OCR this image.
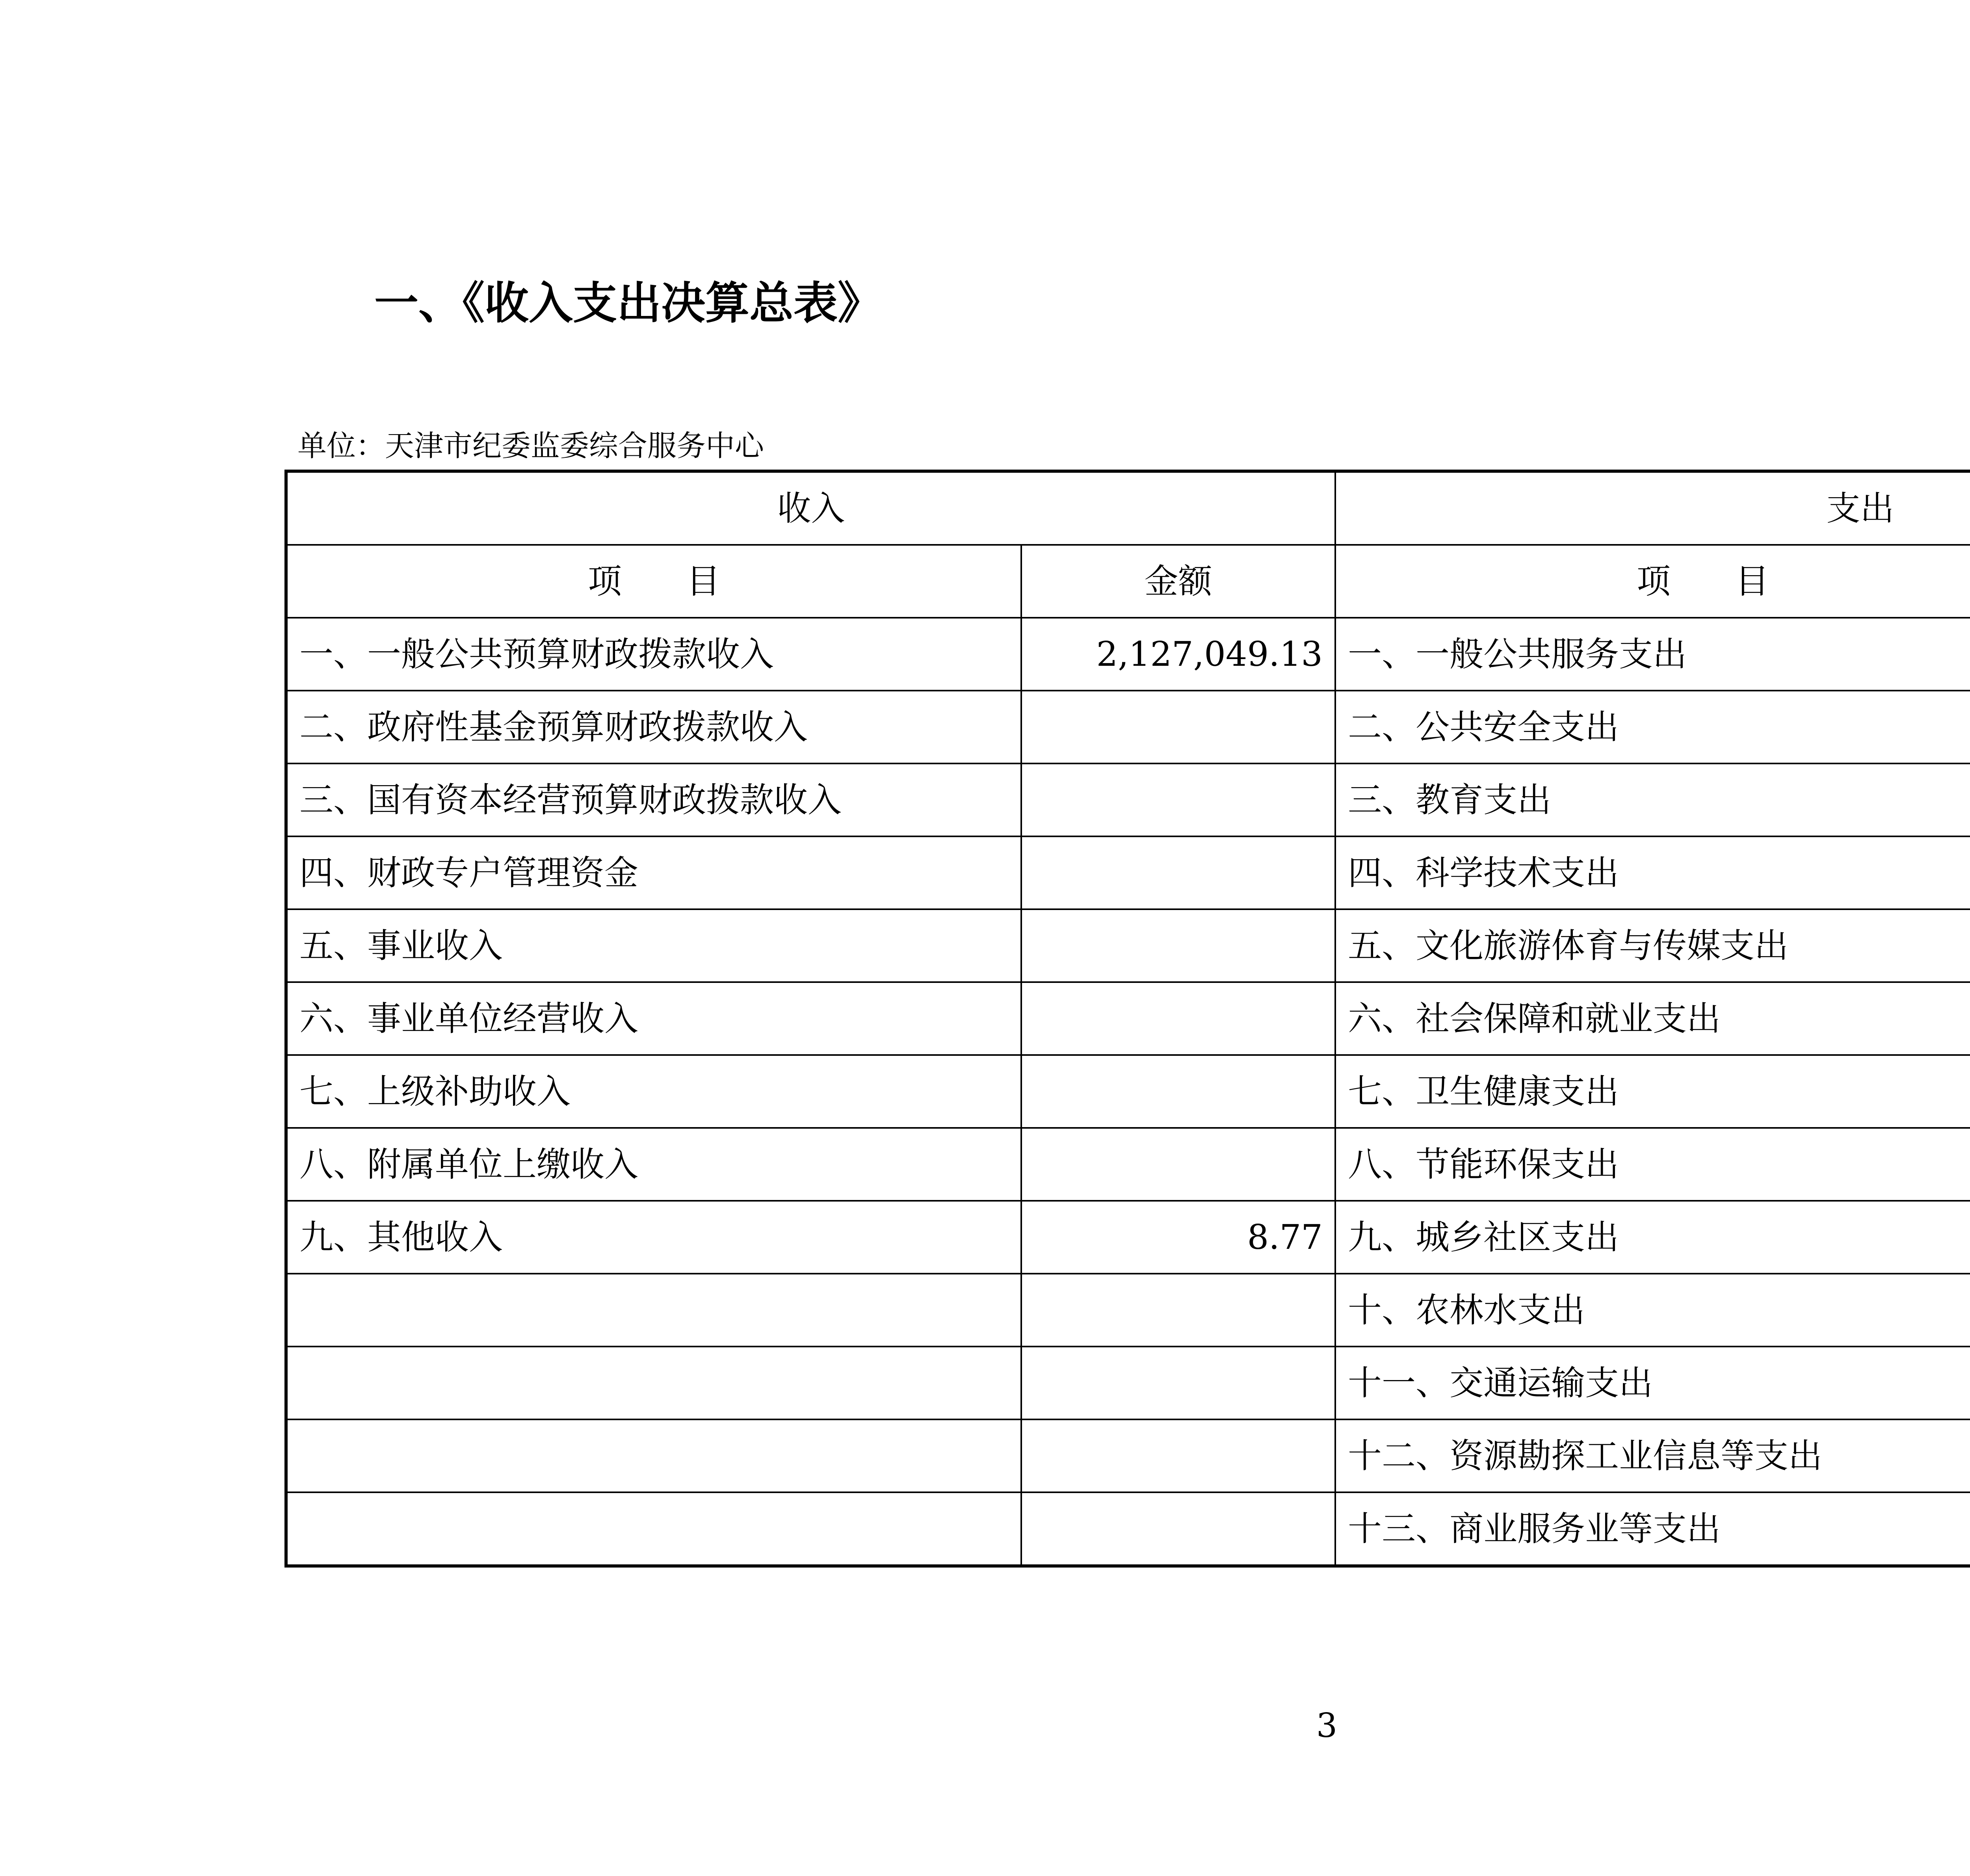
一、《收入支出决算总表》
单位：天津市纪委监委综合服务中心
收入		支出	
项      目	金额	项      目	
一、一般公共预算财政拨款收入	2,127,049.13	一、一般公共服务支出	
二、政府性基金预算财政拨款收入		二、公共安全支出	
三、国有资本经营预算财政拨款收入		三、教育支出	
四、财政专户管理资金		四、科学技术支出	
五、事业收入		五、文化旅游体育与传媒支出	
六、事业单位经营收入		六、社会保障和就业支出	
七、上级补助收入		七、卫生健康支出	
八、附属单位上缴收入		八、节能环保支出	
九、其他收入	8.77	九、城乡社区支出	
		十、农林水支出	
		十一、交通运输支出	
		十二、资源勘探工业信息等支出	
		十三、商业服务业等支出	
3
